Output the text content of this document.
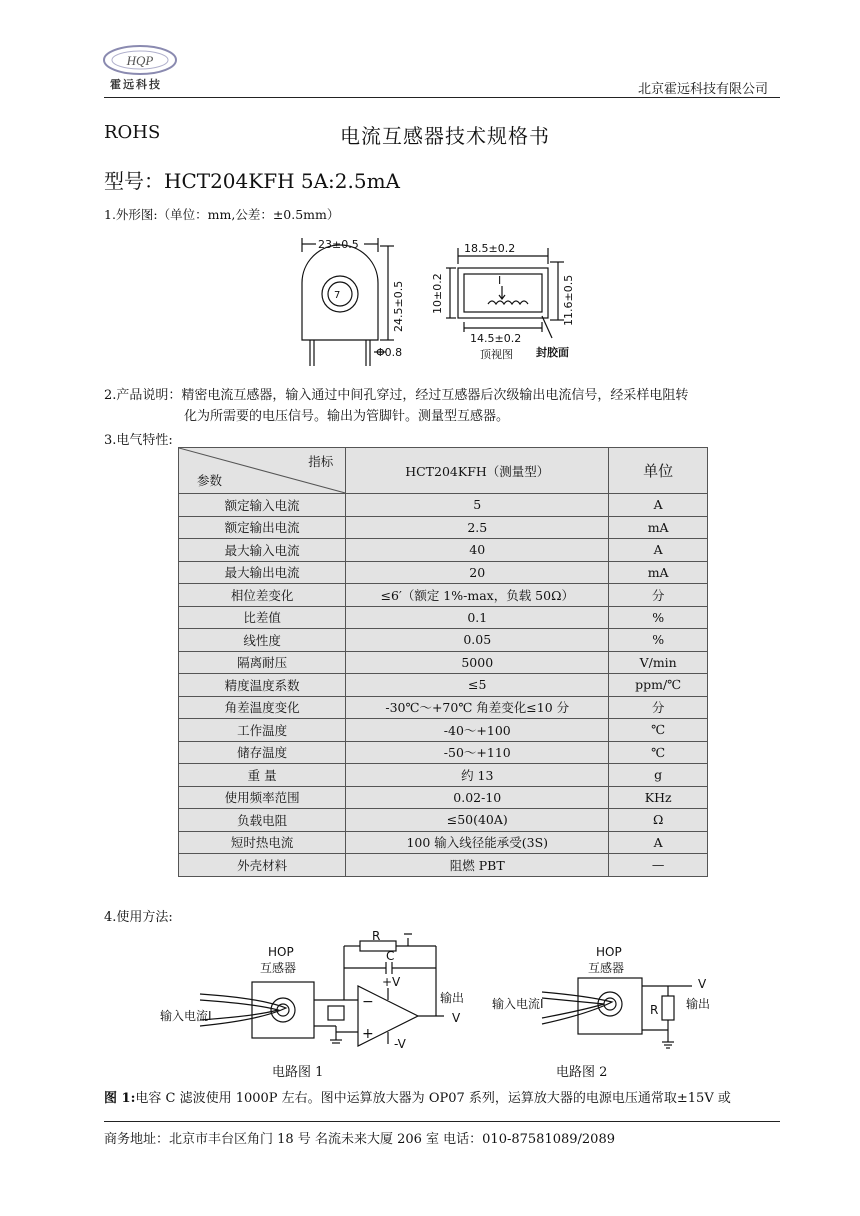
HQP
霍远科技	北京霍远科技有限公司
ROHS	电流互感器技术规格书
型号：HCT204KFH 5A:2.5mA
1.外形图:（单位：mm,公差：±0.5mm）
23±0.5
7
Φ0.8
24.5±0.5
18.5±0.2
10±0.2	11.6±0.5
14.5±0.2
I
顶视图 封胶面
2.产品说明：精密电流互感器，输入通过中间孔穿过，经过互感器后次级输出电流信号，经采样电阻转
化为所需要的电压信号。输出为管脚针。测量型互感器。
3.电气特性:
指标
参数	HCT204KFH（测量型）	单位
额定输入电流	5	A
额定输出电流	2.5	mA
最大输入电流	40	A
最大输出电流	20	mA
相位差变化	≤6′（额定 1%-max，负载 50Ω）	分
比差值	0.1	%
线性度	0.05	%
隔离耐压	5000	V/min
精度温度系数	≤5	ppm/℃
角差温度变化	-30℃～+70℃ 角差变化≤10 分	分
工作温度	-40～+100	℃
储存温度	-50～+110	℃
重 量	约 13	g
使用频率范围	0.02-10	KHz
负载电阻	≤50(40A)	Ω
短时热电流	100 输入线径能承受(3S)	A
外壳材料	阻燃 PBT	—
4.使用方法:
HOP
互感器
输入电流I
R
C
+V
-V
输出
V
−
+
HOP
互感器
输入电流I	R
V
输出
电路图 1	电路图 2
图 1:电容 C 滤波使用 1000P 左右。图中运算放大器为 OP07 系列，运算放大器的电源电压通常取±15V 或
商务地址：北京市丰台区角门 18 号 名流未来大厦 206 室 电话：010-87581089/2089
